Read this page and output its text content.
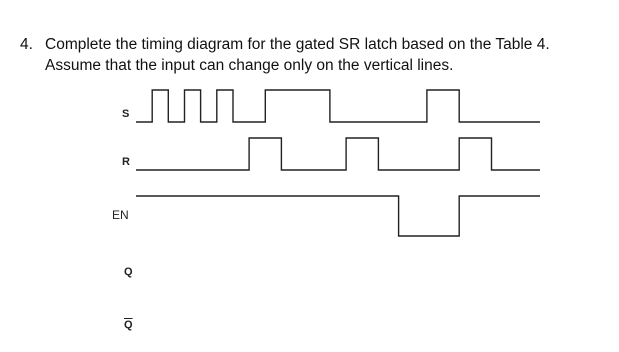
4. Complete the timing diagram for the gated SR latch based on the Table 4.
Assume that the input can change only on the vertical lines.
S
R
EN
Q
$\overline{Q}$
